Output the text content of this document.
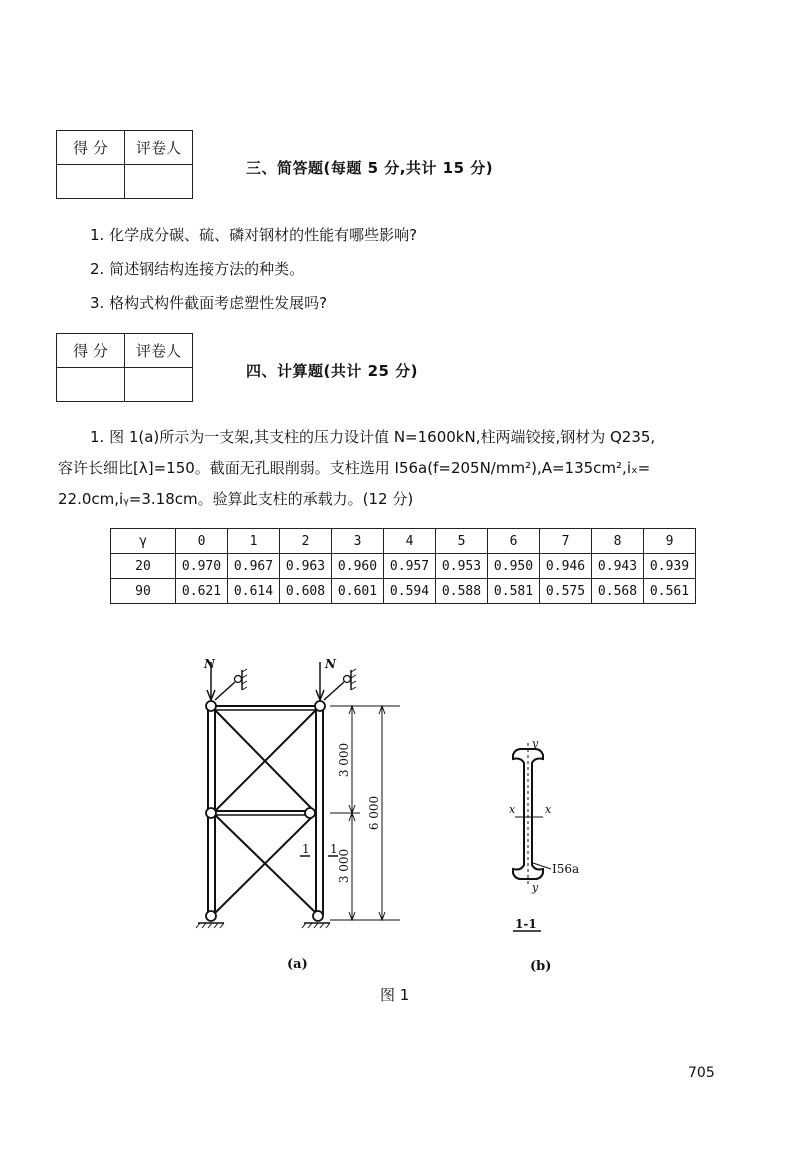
得 分	评卷人

三、简答题(每题 5 分,共计 15 分)
1. 化学成分碳、硫、磷对钢材的性能有哪些影响?
2. 简述钢结构连接方法的种类。
3. 格构式构件截面考虑塑性发展吗?
得 分	评卷人

四、计算题(共计 25 分)
1. 图 1(a)所示为一支架,其支柱的压力设计值 N=1600kN,柱两端铰接,钢材为 Q235,
容许长细比[λ]=150。截面无孔眼削弱。支柱选用 I56a(f=205N/mm²),A=135cm²,iₓ=
22.0cm,iᵧ=3.18cm。验算此支柱的承载力。(12 分)
γ	0	1	2	3	4	5	6	7	8	9
20	0.970	0.967	0.963	0.960	0.957	0.953	0.950	0.946	0.943	0.939
90	0.621	0.614	0.608	0.601	0.594	0.588	0.581	0.575	0.568	0.561
N	N
1 1
3 000
3 000
6 000
y
y
x	x
I56a
1-1
(a)	(b)
图 1
705
